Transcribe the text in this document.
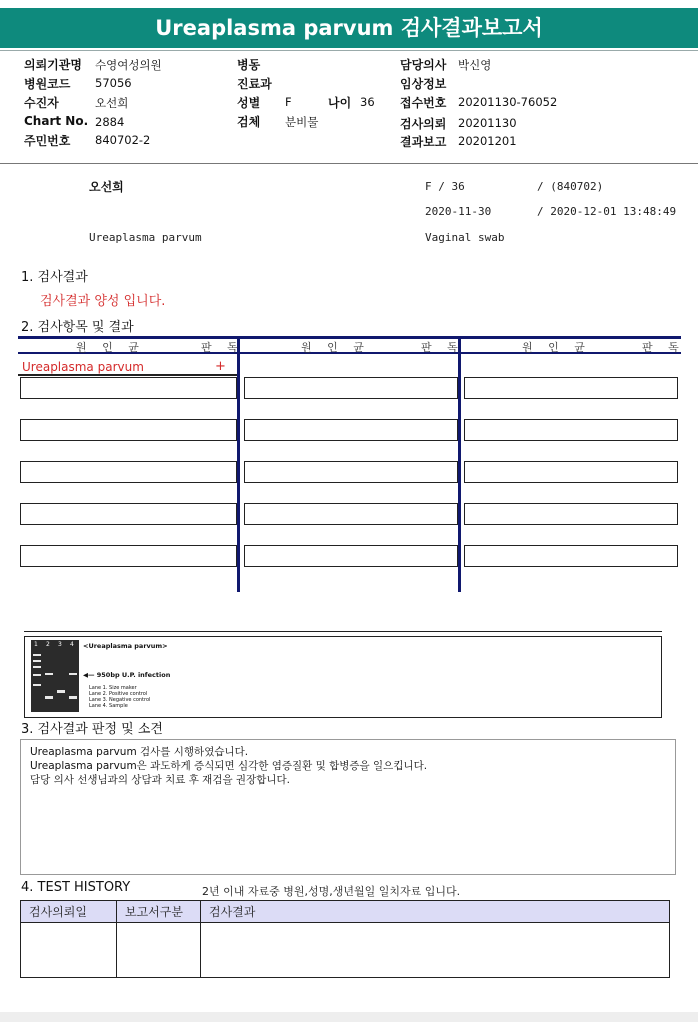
Ureaplasma parvum 검사결과보고서
의뢰기관명 수영여성의원
병원코드 57056
수진자	오선희
Chart No. 2884
주민번호 840702-2
병동
진료과
성별 F	나이 36
검체 분비물
담당의사 박신영
임상정보
접수번호 20201130-76052
검사의뢰 20201130
결과보고 20201201
오선희	F / 36	/ (840702)
2020-11-30	/ 2020-12-01 13:48:49
Ureaplasma parvum	Vaginal swab
1. 검사결과
검사결과 양성 입니다.
2. 검사항목 및 결과
원 인 균	판 독	원 인 균	판 독	원 인 균	판 독
Ureaplasma parvum	+
1 2 3 4 <Ureaplasma parvum>
◀— 950bp U.P. infection
Lane 1. Size maker
Lane 2. Positive control
Lane 3. Negative control
Lane 4. Sample
3. 검사결과 판정 및 소견
Ureaplasma parvum 검사를 시행하였습니다.
Ureaplasma parvum은 과도하게 증식되면 심각한 염증질환 및 합병증을 일으킵니다.
담당 의사 선생님과의 상담과 치료 후 재검을 권장합니다.
4. TEST HISTORY	2년 이내 자료중 병원,성명,생년월일 일치자료 입니다.
검사의뢰일	보고서구분	검사결과
